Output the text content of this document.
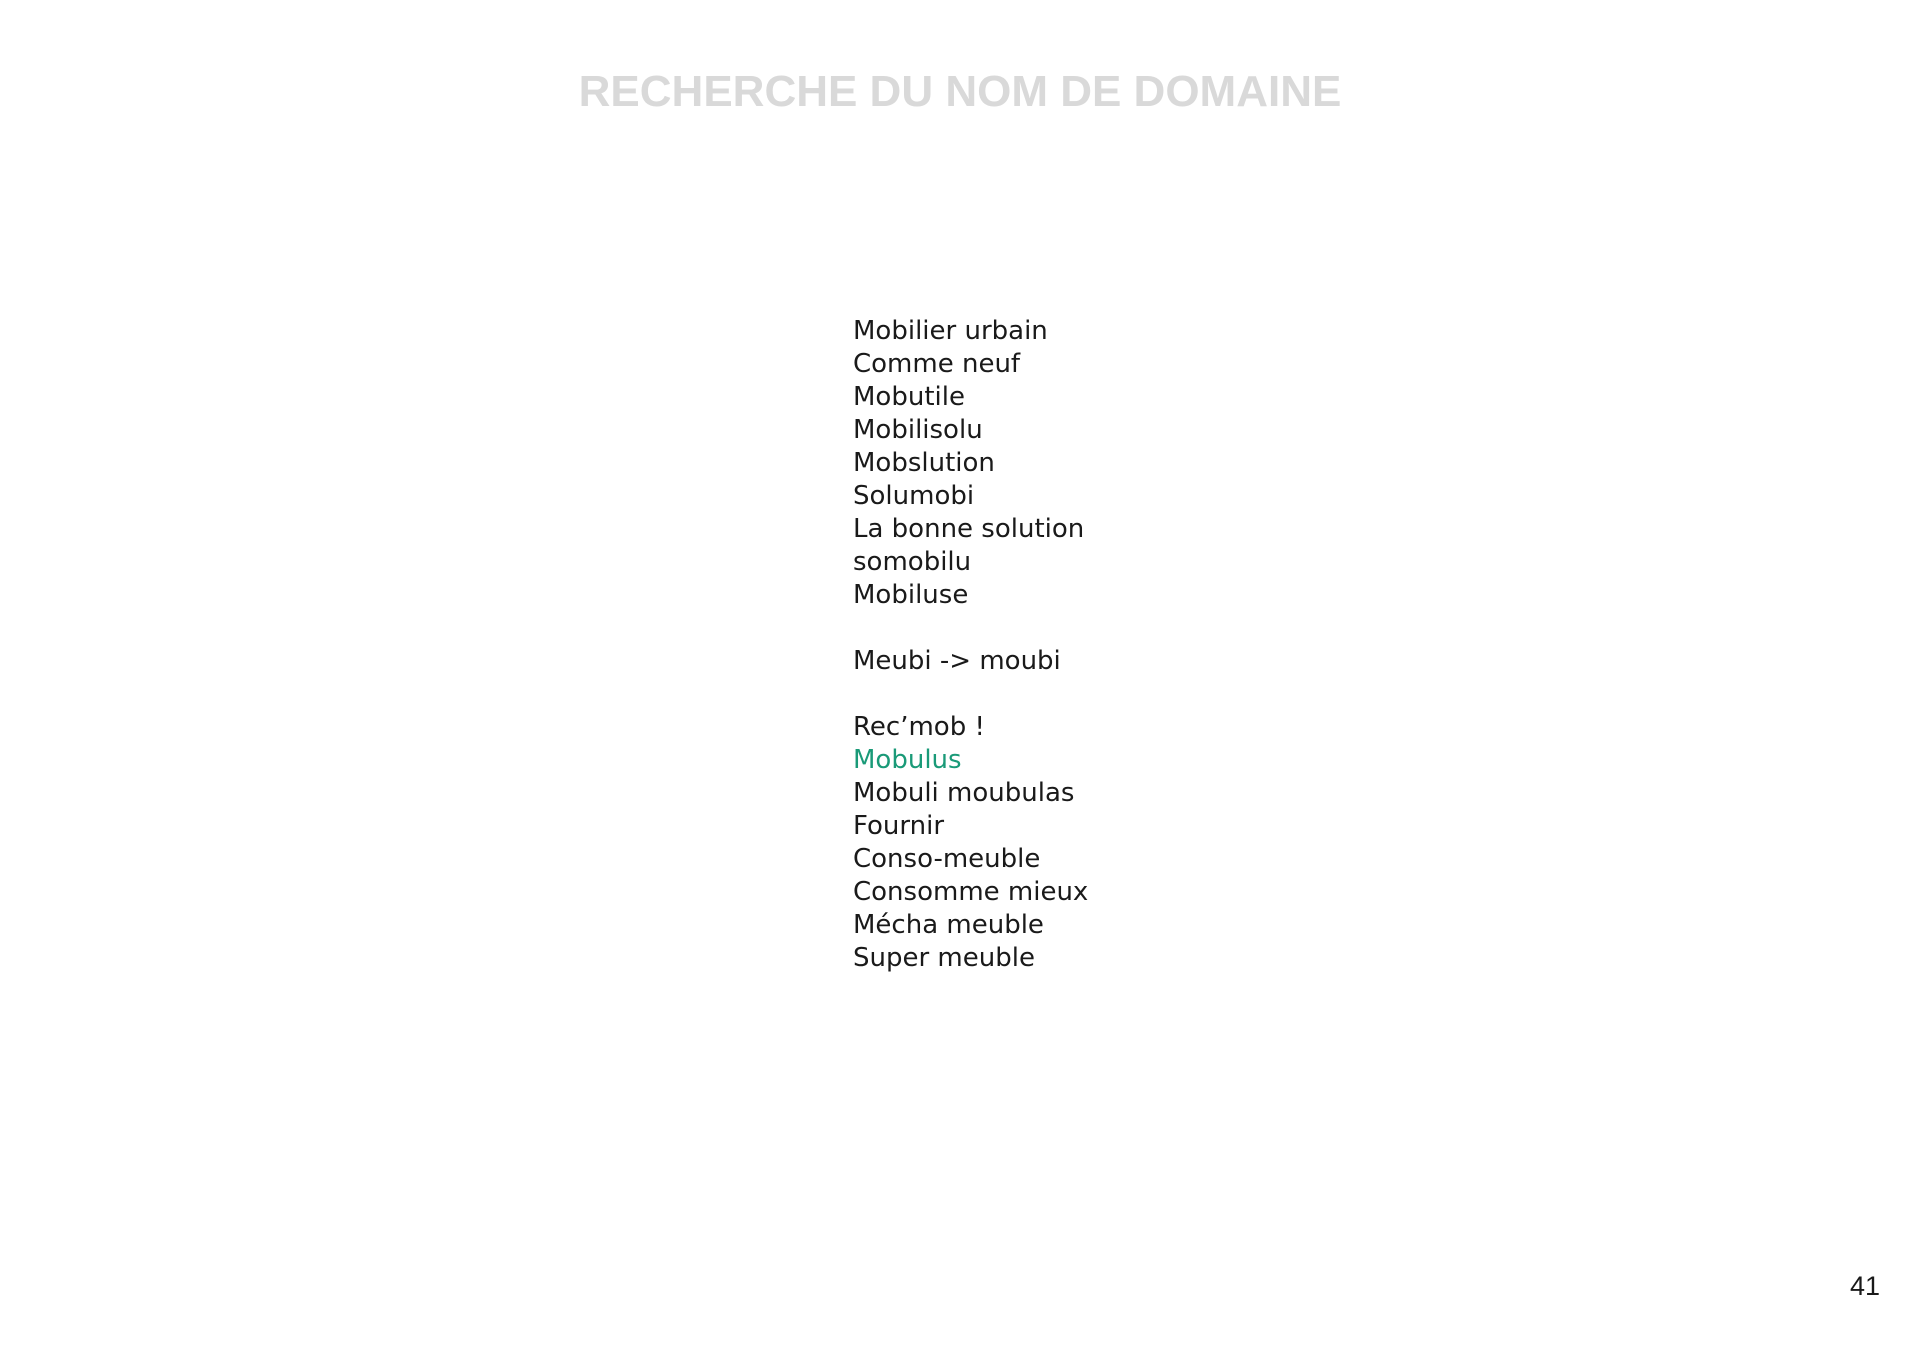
RECHERCHE DU NOM DE DOMAINE
Mobilier urbain
Comme neuf
Mobutile
Mobilisolu
Mobslution
Solumobi
La bonne solution
somobilu
Mobiluse
Meubi -> moubi
Rec’mob !
Mobulus
Mobuli moubulas
Fournir
Conso-meuble
Consomme mieux
Mécha meuble
Super meuble
41
